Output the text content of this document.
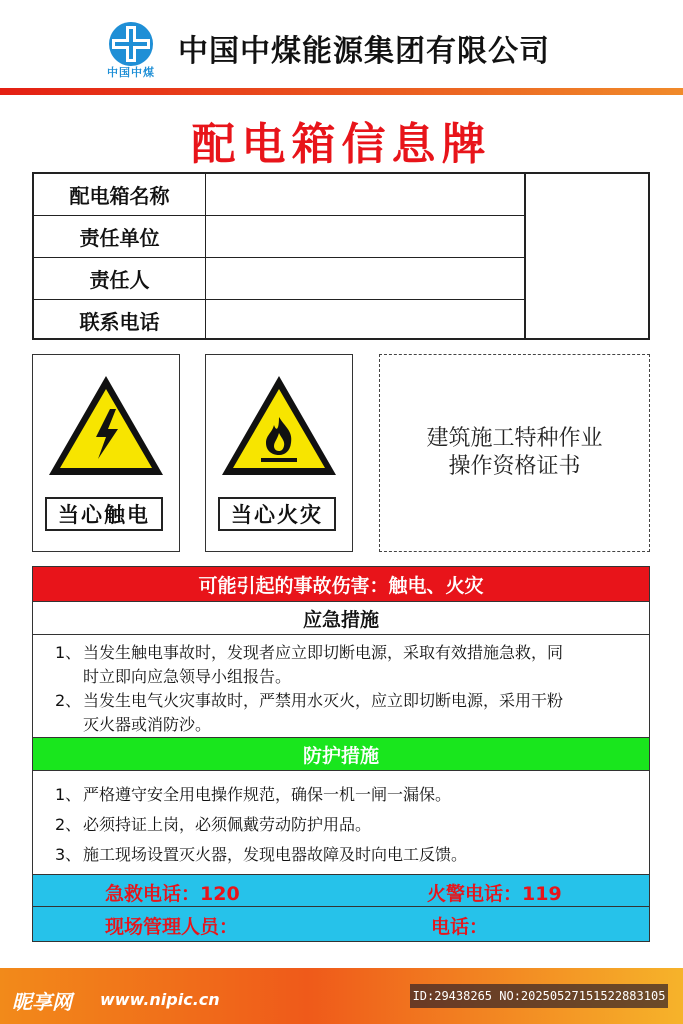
中国中煤
中国中煤能源集团有限公司
配电箱信息牌
配电箱名称
责任单位
责任人
联系电话
当心触电	当心火灾
建筑施工特种作业
操作资格证书
可能引起的事故伤害：触电、火灾
应急措施
1、 当发生触电事故时，发现者应立即切断电源，采取有效措施急救，同
时立即向应急领导小组报告。
2、 当发生电气火灾事故时，严禁用水灭火，应立即切断电源，采用干粉
灭火器或消防沙。
防护措施
1、 严格遵守安全用电操作规范，确保一机一闸一漏保。
2、 必须持证上岗，必须佩戴劳动防护用品。
3、 施工现场设置灭火器，发现电器故障及时向电工反馈。
急救电话：120	火警电话：119
现场管理人员：	电话：
昵享网 www.nipic.cn	ID:29438265 NO:20250527151522883105
